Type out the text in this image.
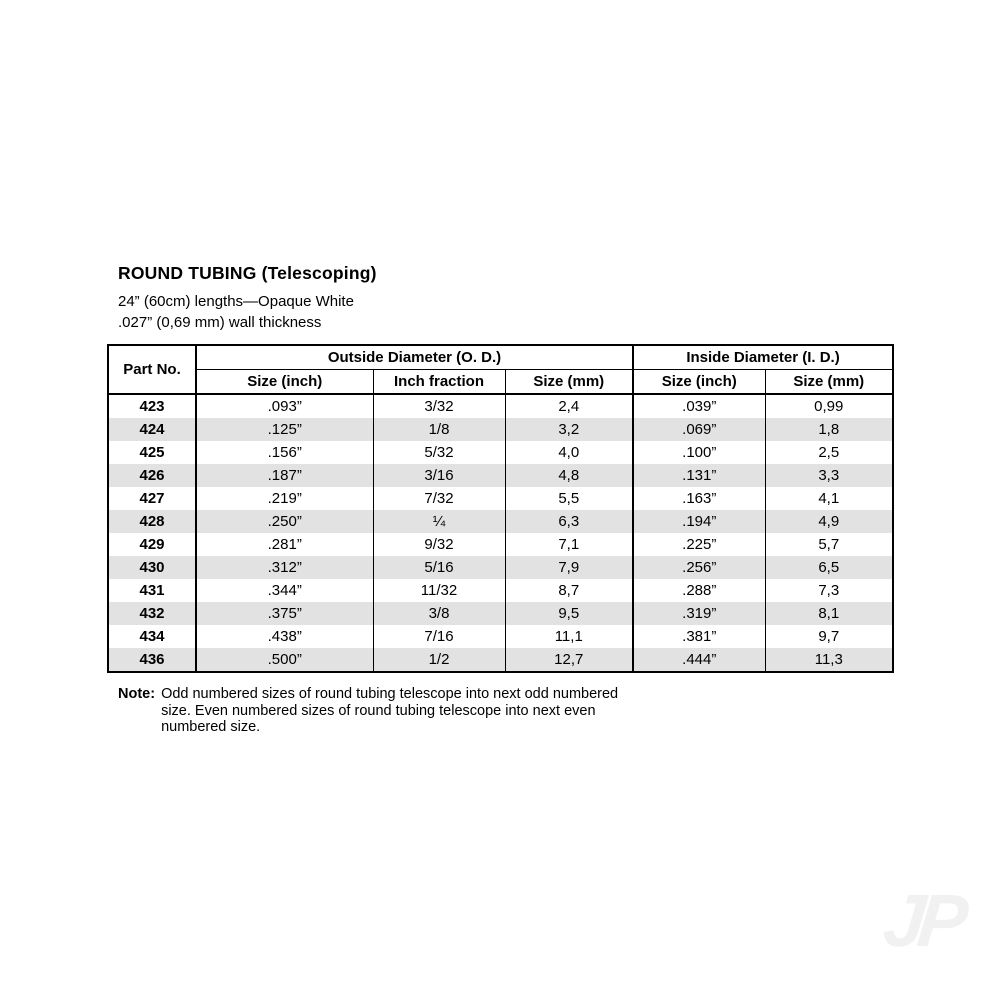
ROUND TUBING (Telescoping)

24” (60cm) lengths—Opaque White

.027” (0,69 mm) wall thickness

Part No.	Outside Diameter (O. D.)			Inside Diameter (I. D.)	
	Size (inch)	Inch fraction	Size (mm)	Size (inch)	Size (mm)
423	.093”	3/32	2,4	.039”	0,99
424	.125”	1/8	3,2	.069”	1,8
425	.156”	5/32	4,0	.100”	2,5
426	.187”	3/16	4,8	.131”	3,3
427	.219”	7/32	5,5	.163”	4,1
428	.250”	¼	6,3	.194”	4,9
429	.281”	9/32	7,1	.225”	5,7
430	.312”	5/16	7,9	.256”	6,5
431	.344”	11/32	8,7	.288”	7,3
432	.375”	3/8	9,5	.319”	8,1
434	.438”	7/16	11,1	.381”	9,7
436	.500”	1/2	12,7	.444”	11,3
Note: Odd numbered sizes of round tubing telescope into next odd numbered size. Even numbered sizes of round tubing telescope into next even numbered size.
JP
